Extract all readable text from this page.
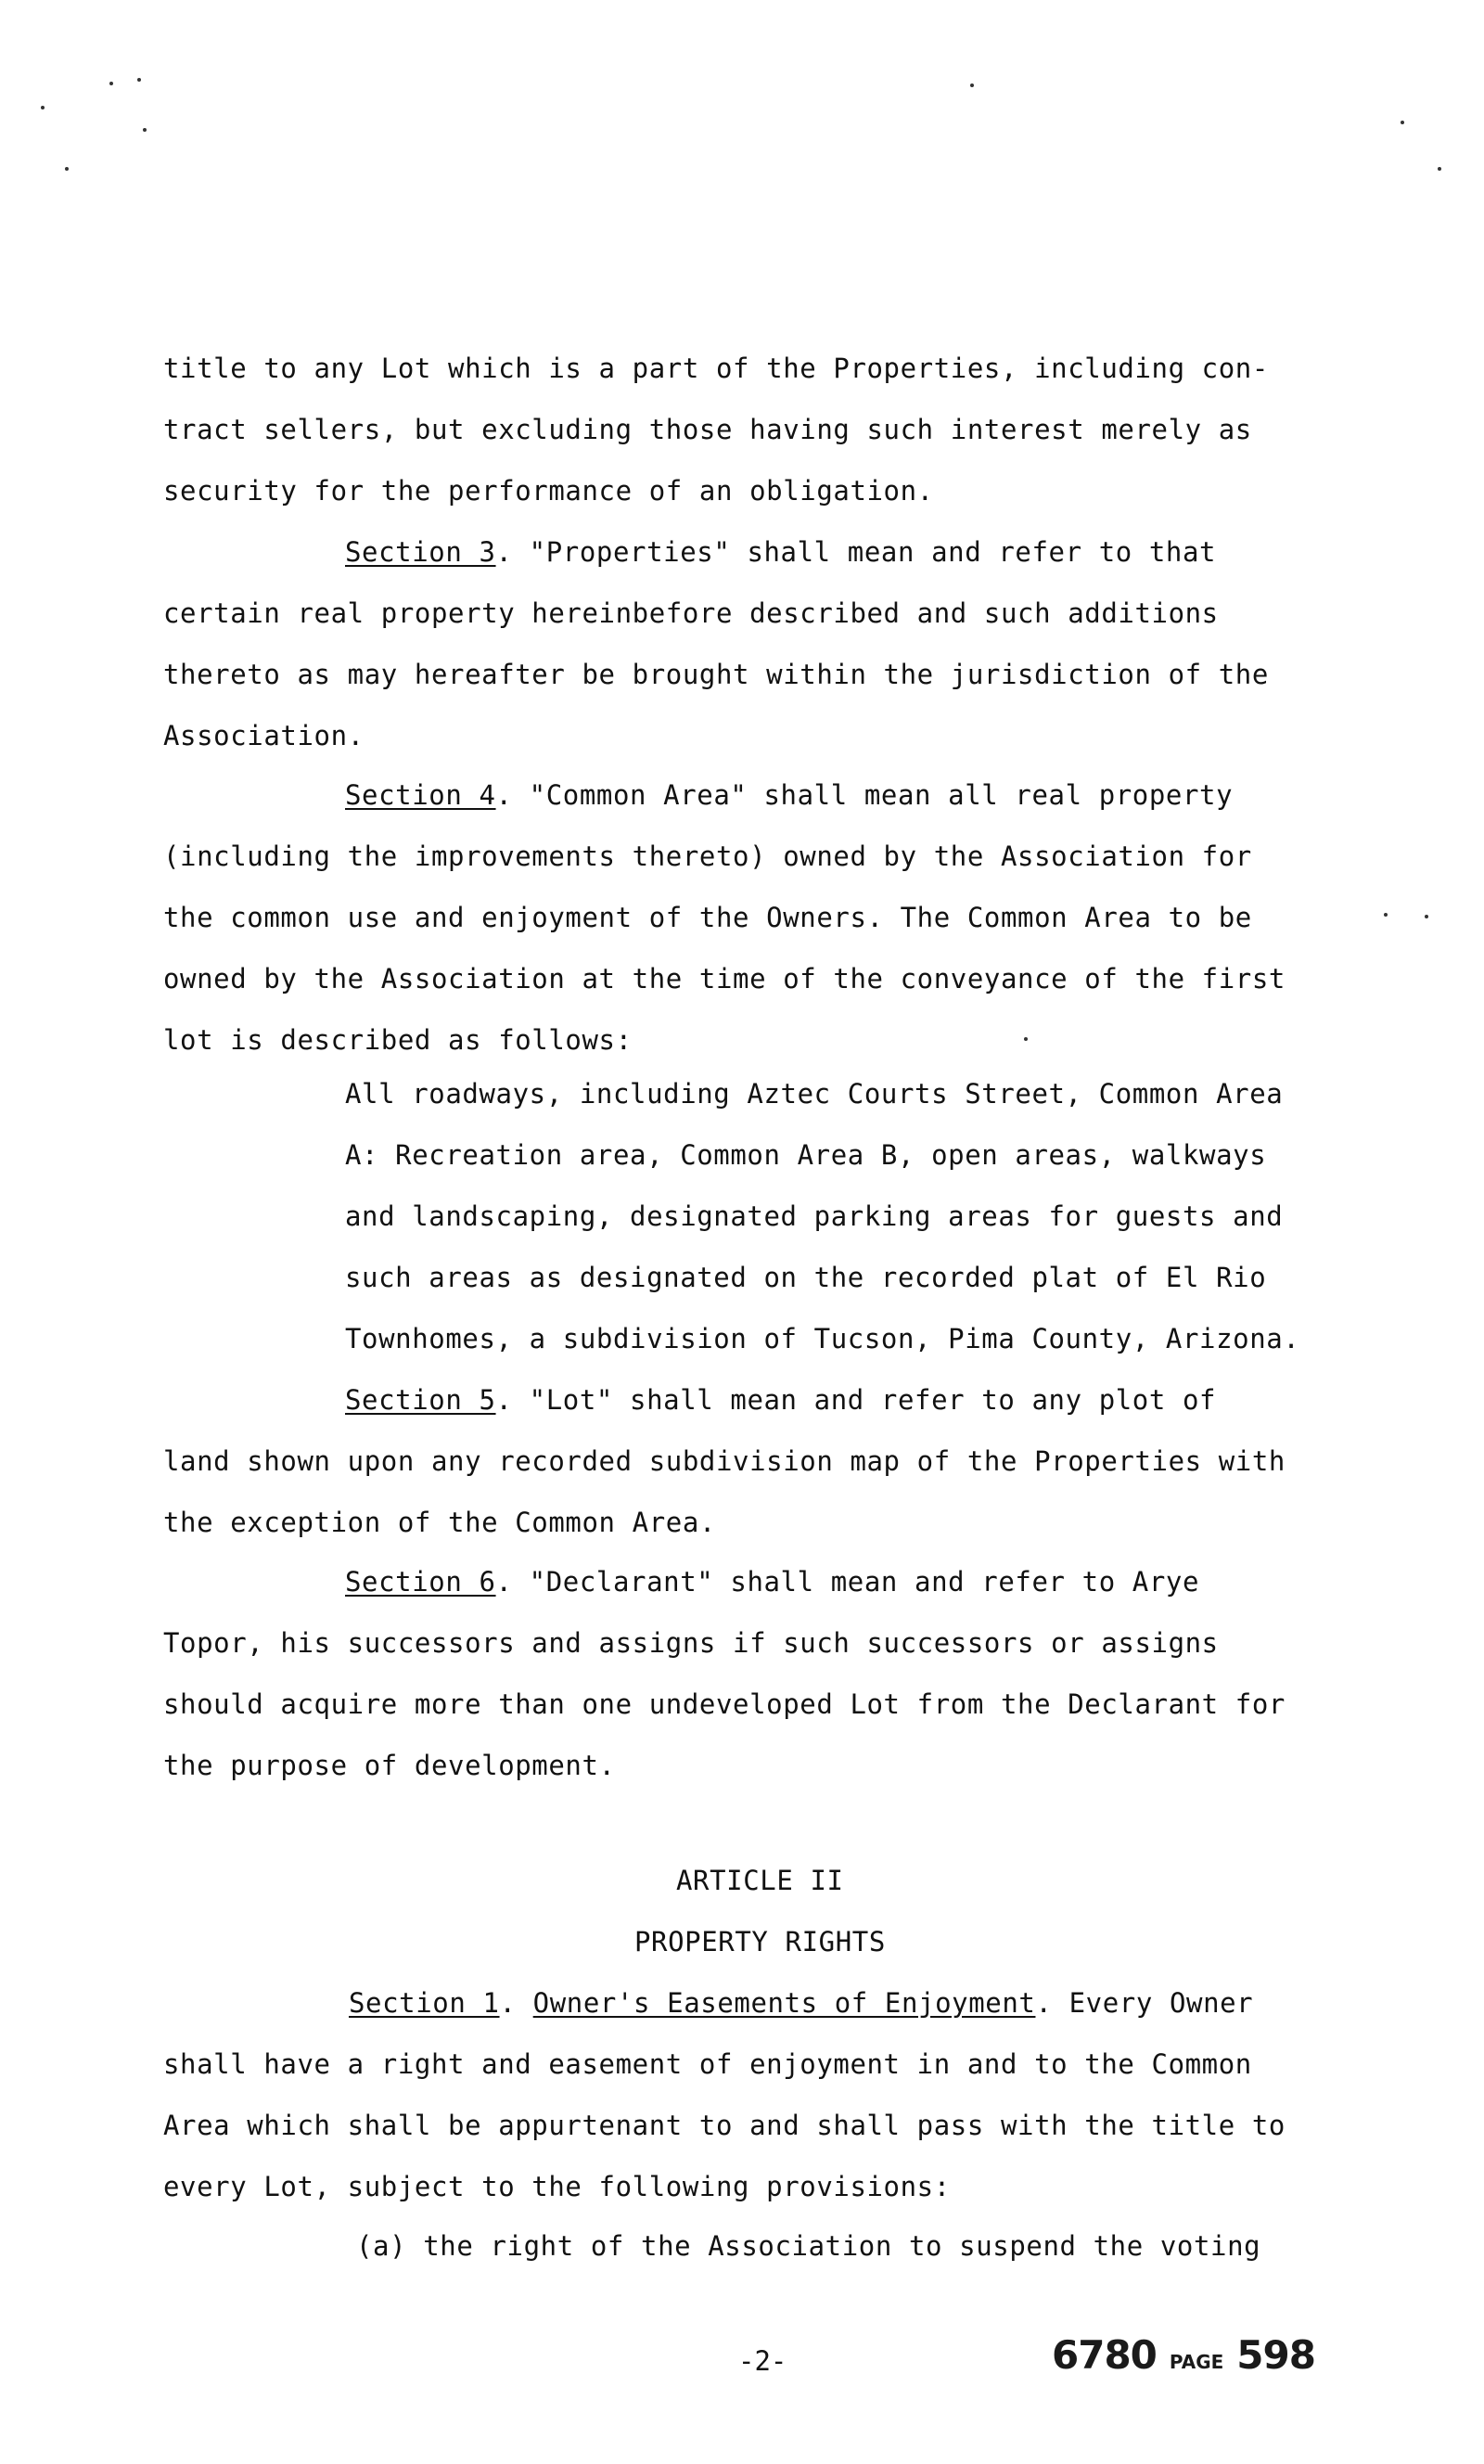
title to any Lot which is a part of the Properties, including con-
tract sellers, but excluding those having such interest merely as
security for the performance of an obligation.
Section 3. "Properties" shall mean and refer to that
certain real property hereinbefore described and such additions
thereto as may hereafter be brought within the jurisdiction of the
Association.
Section 4. "Common Area" shall mean all real property
(including the improvements thereto) owned by the Association for
the common use and enjoyment of the Owners. The Common Area to be
owned by the Association at the time of the conveyance of the first
lot is described as follows:
All roadways, including Aztec Courts Street, Common Area
A: Recreation area, Common Area B, open areas, walkways
and landscaping, designated parking areas for guests and
such areas as designated on the recorded plat of El Rio
Townhomes, a subdivision of Tucson, Pima County, Arizona.
Section 5. "Lot" shall mean and refer to any plot of
land shown upon any recorded subdivision map of the Properties with
the exception of the Common Area.
Section 6. "Declarant" shall mean and refer to Arye
Topor, his successors and assigns if such successors or assigns
should acquire more than one undeveloped Lot from the Declarant for
the purpose of development.
ARTICLE II
PROPERTY RIGHTS
Section 1. Owner's Easements of Enjoyment. Every Owner
shall have a right and easement of enjoyment in and to the Common
Area which shall be appurtenant to and shall pass with the title to
every Lot, subject to the following provisions:
(a) the right of the Association to suspend the voting
-2-	6780 PAGE 598
